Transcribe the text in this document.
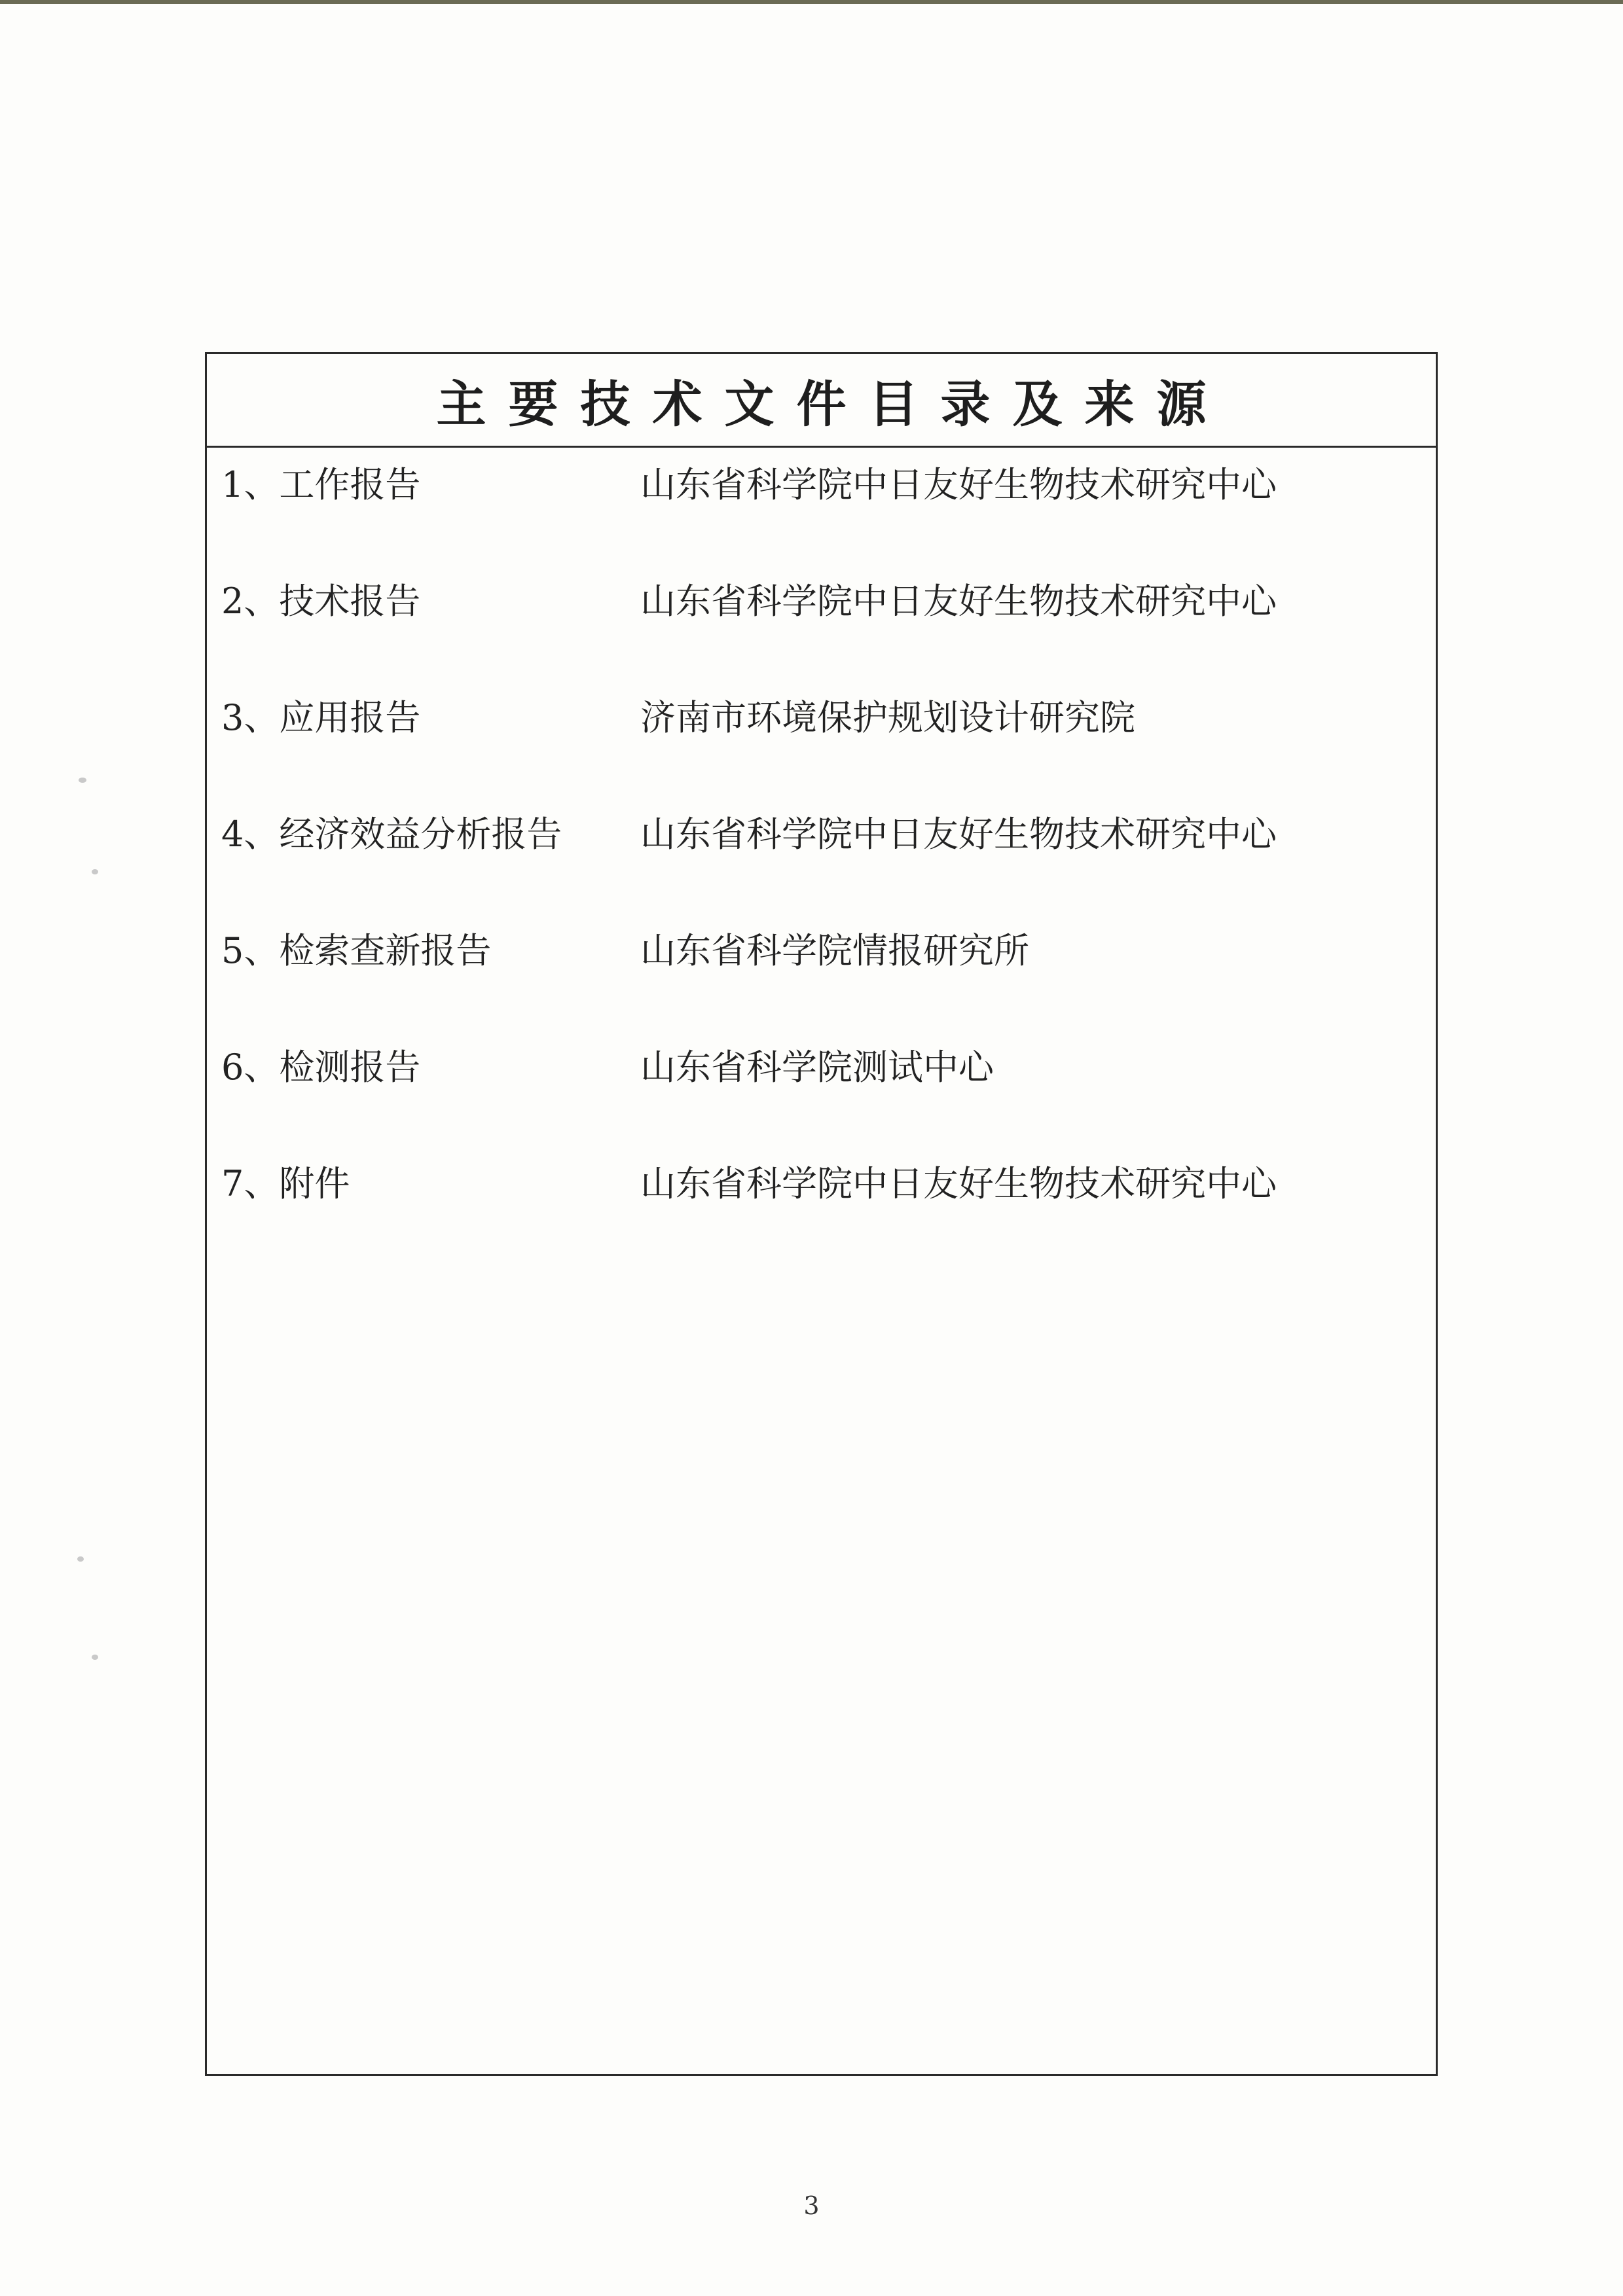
主要技术文件目录及来源
1、工作报告	山东省科学院中日友好生物技术研究中心
2、技术报告	山东省科学院中日友好生物技术研究中心
3、应用报告	济南市环境保护规划设计研究院
4、经济效益分析报告	山东省科学院中日友好生物技术研究中心
5、检索查新报告	山东省科学院情报研究所
6、检测报告	山东省科学院测试中心
7、附件	山东省科学院中日友好生物技术研究中心
3
